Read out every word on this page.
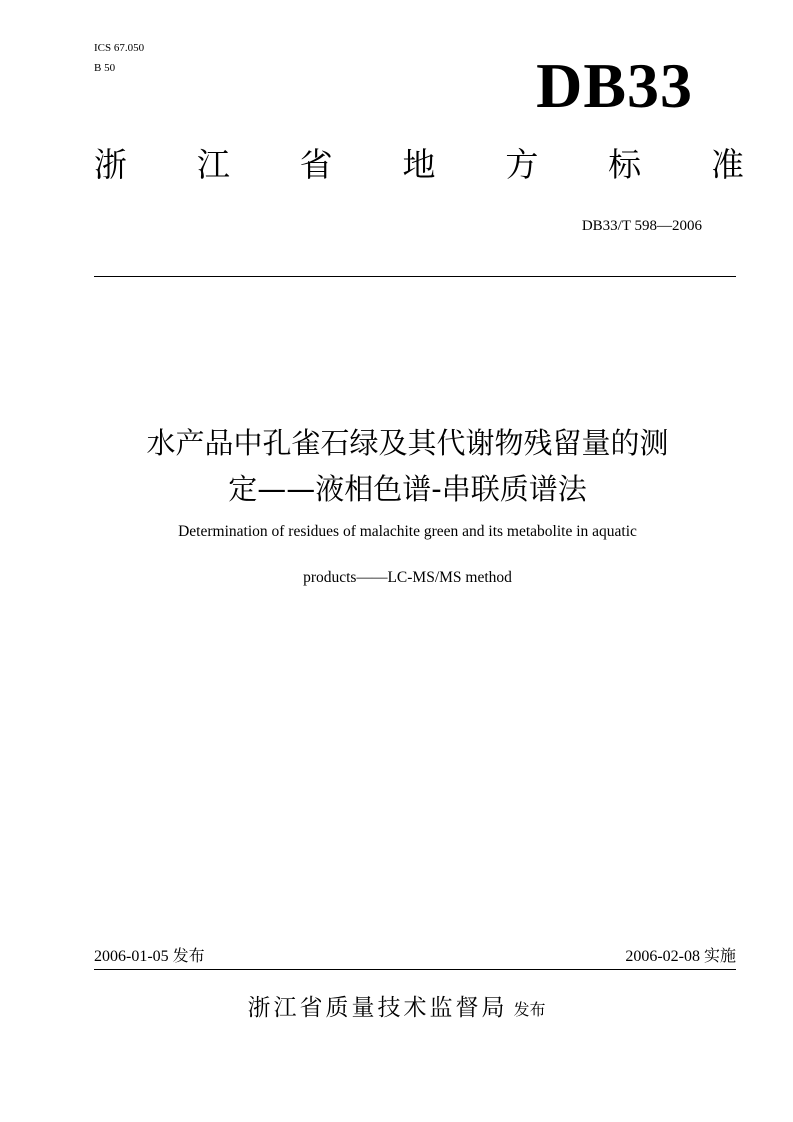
ICS 67.050
B 50	DB33
浙 江 省 地 方 标 准
DB33/T 598—2006
水产品中孔雀石绿及其代谢物残留量的测
定——液相色谱-串联质谱法
Determination of residues of malachite green and its metabolite in aquatic
products——LC-MS/MS method
2006-01-05 发布	2006-02-08 实施
浙江省质量技术监督局 发布
